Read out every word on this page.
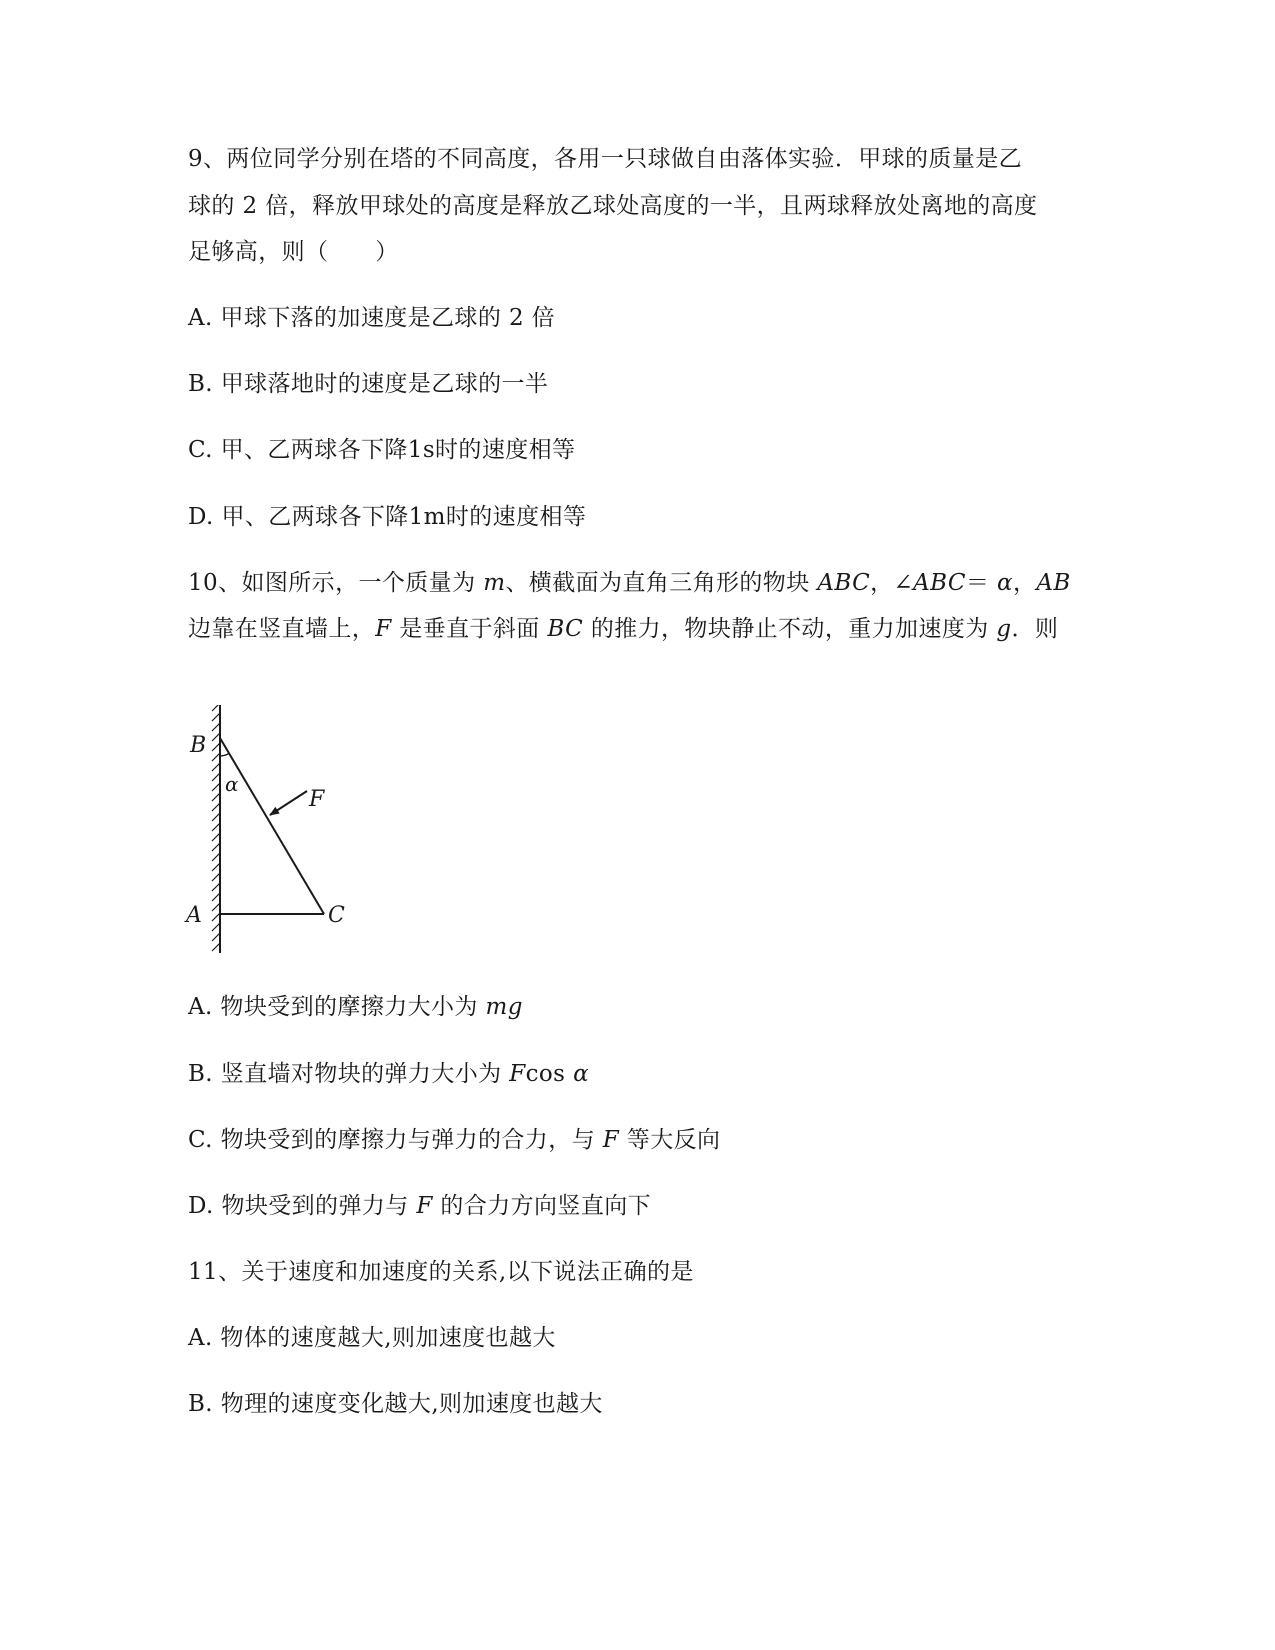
9、两位同学分别在塔的不同高度，各用一只球做自由落体实验．甲球的质量是乙
球的 2 倍，释放甲球处的高度是释放乙球处高度的一半，且两球释放处离地的高度
足够高，则（　　）
A. 甲球下落的加速度是乙球的 2 倍
B. 甲球落地时的速度是乙球的一半
C. 甲、乙两球各下降1s时的速度相等
D. 甲、乙两球各下降1m时的速度相等
10、如图所示，一个质量为 m、横截面为直角三角形的物块 ABC，∠ABC＝ α，AB
边靠在竖直墙上，F 是垂直于斜面 BC 的推力，物块静止不动，重力加速度为 g．则
B
α
F
A	C
A. 物块受到的摩擦力大小为 mg
B. 竖直墙对物块的弹力大小为 Fcos α
C. 物块受到的摩擦力与弹力的合力，与 F 等大反向
D. 物块受到的弹力与 F 的合力方向竖直向下
11、关于速度和加速度的关系,以下说法正确的是
A. 物体的速度越大,则加速度也越大
B. 物理的速度变化越大,则加速度也越大
